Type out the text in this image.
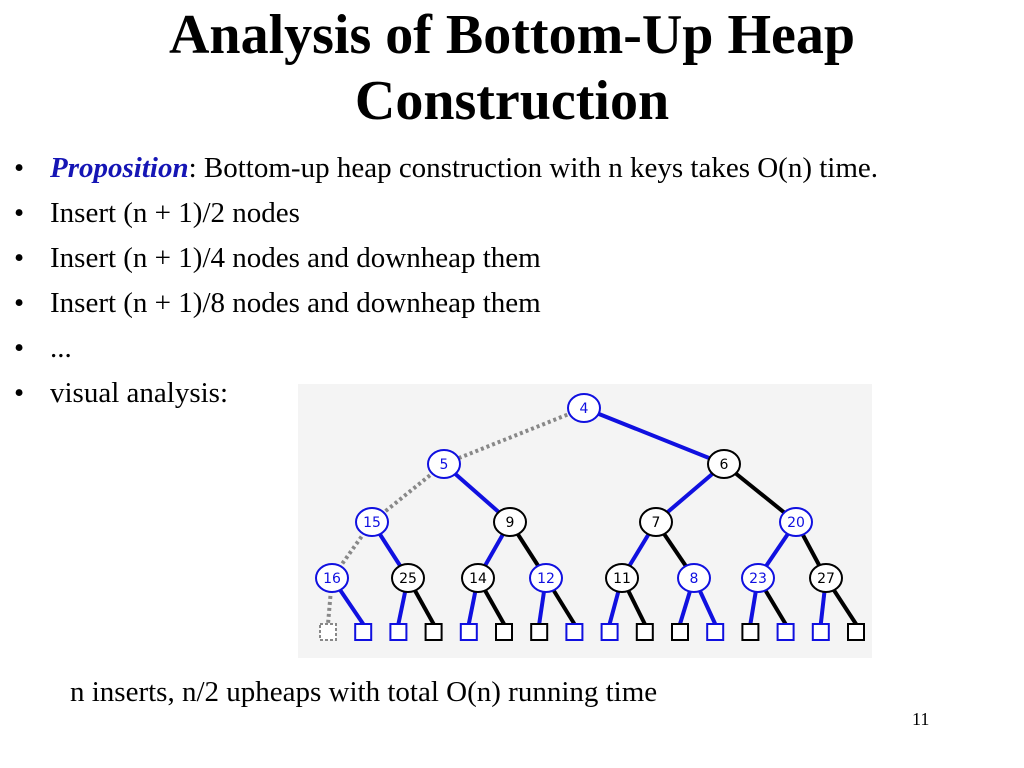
Analysis of Bottom-Up Heap
Construction
• Proposition: Bottom-up heap construction with n keys takes O(n) time.
• Insert (n + 1)/2 nodes
• Insert (n + 1)/4 nodes and downheap them
• Insert (n + 1)/8 nodes and downheap them
• ...
• visual analysis:	4
5	6
15	9	7	20
16	25	14	12	11	8	23	27
n inserts, n/2 upheaps with total O(n) running time
11
